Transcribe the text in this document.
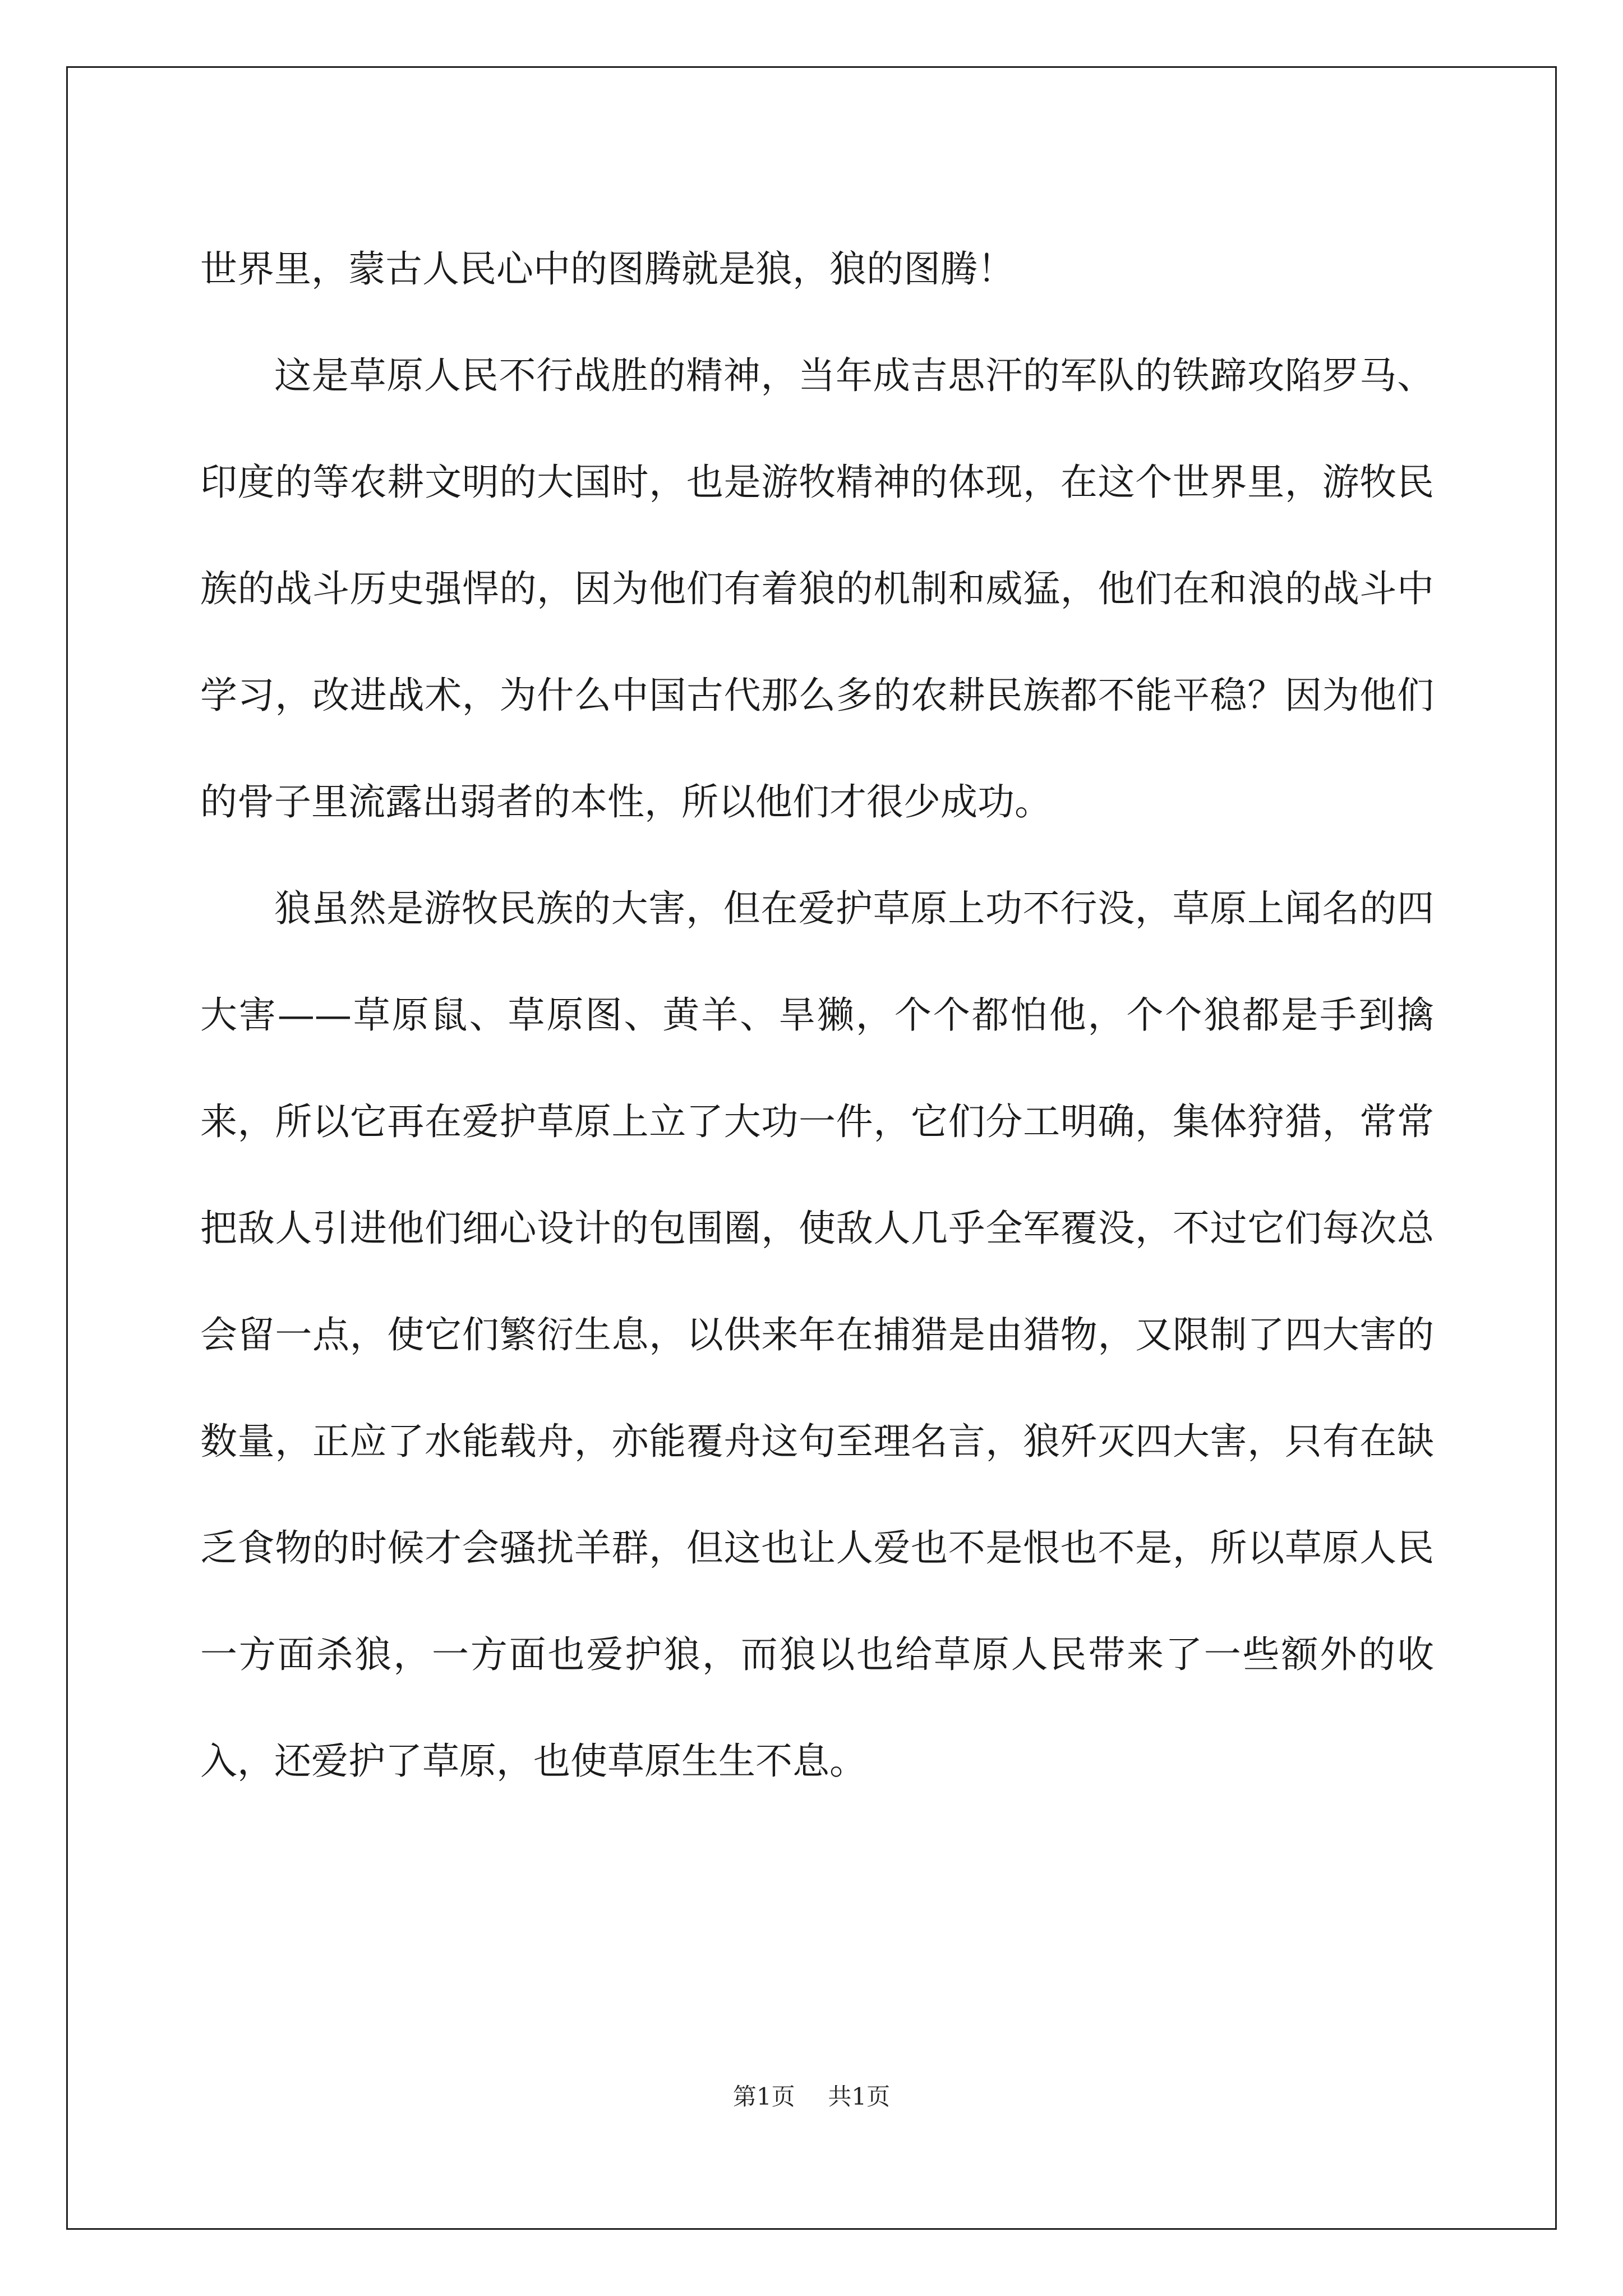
世界里，蒙古人民心中的图腾就是狼，狼的图腾！

这是草原人民不行战胜的精神，当年成吉思汗的军队的铁蹄攻陷罗马、印度的等农耕文明的大国时，也是游牧精神的体现，在这个世界里，游牧民族的战斗历史强悍的，因为他们有着狼的机制和威猛，他们在和浪的战斗中学习，改进战术，为什么中国古代那么多的农耕民族都不能平稳？因为他们的骨子里流露出弱者的本性，所以他们才很少成功。

狼虽然是游牧民族的大害，但在爱护草原上功不行没，草原上闻名的四大害——草原鼠、草原图、黄羊、旱獭，个个都怕他，个个狼都是手到擒来，所以它再在爱护草原上立了大功一件，它们分工明确，集体狩猎，常常把敌人引进他们细心设计的包围圈，使敌人几乎全军覆没，不过它们每次总会留一点，使它们繁衍生息，以供来年在捕猎是由猎物，又限制了四大害的数量，正应了水能载舟，亦能覆舟这句至理名言，狼歼灭四大害，只有在缺乏食物的时候才会骚扰羊群，但这也让人爱也不是恨也不是，所以草原人民一方面杀狼，一方面也爱护狼，而狼以也给草原人民带来了一些额外的收入，还爱护了草原，也使草原生生不息。

第1页 共1页
